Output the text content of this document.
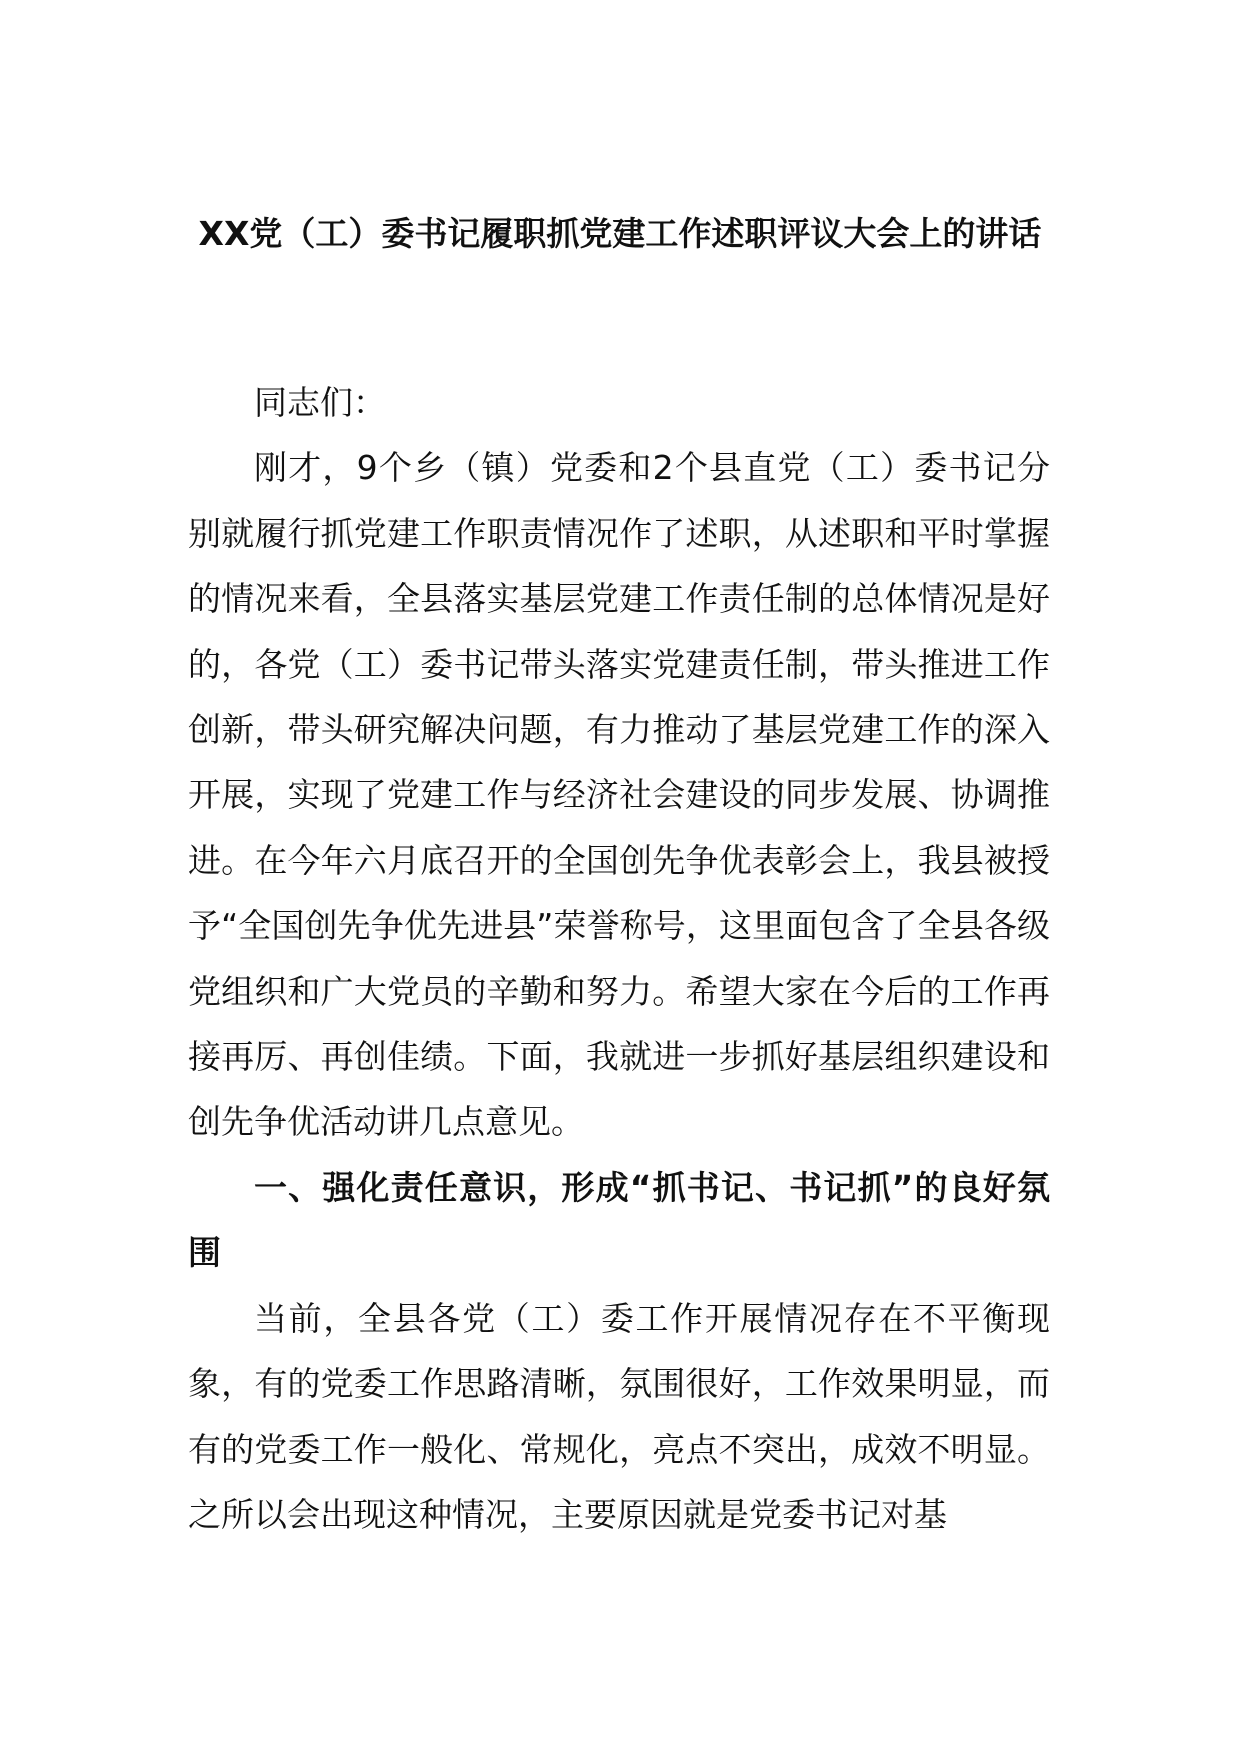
XX党（工）委书记履职抓党建工作述职评议大会上的讲话

同志们：

刚才，9个乡（镇）党委和2个县直党（工）委书记分别就履行抓党建工作职责情况作了述职，从述职和平时掌握的情况来看，全县落实基层党建工作责任制的总体情况是好的，各党（工）委书记带头落实党建责任制，带头推进工作创新，带头研究解决问题，有力推动了基层党建工作的深入开展，实现了党建工作与经济社会建设的同步发展、协调推进。在今年六月底召开的全国创先争优表彰会上，我县被授予“全国创先争优先进县”荣誉称号，这里面包含了全县各级党组织和广大党员的辛勤和努力。希望大家在今后的工作再接再厉、再创佳绩。下面，我就进一步抓好基层组织建设和创先争优活动讲几点意见。

一、强化责任意识，形成“抓书记、书记抓”的良好氛围

当前，全县各党（工）委工作开展情况存在不平衡现象，有的党委工作思路清晰，氛围很好，工作效果明显，而有的党委工作一般化、常规化，亮点不突出，成效不明显。之所以会出现这种情况，主要原因就是党委书记对基
